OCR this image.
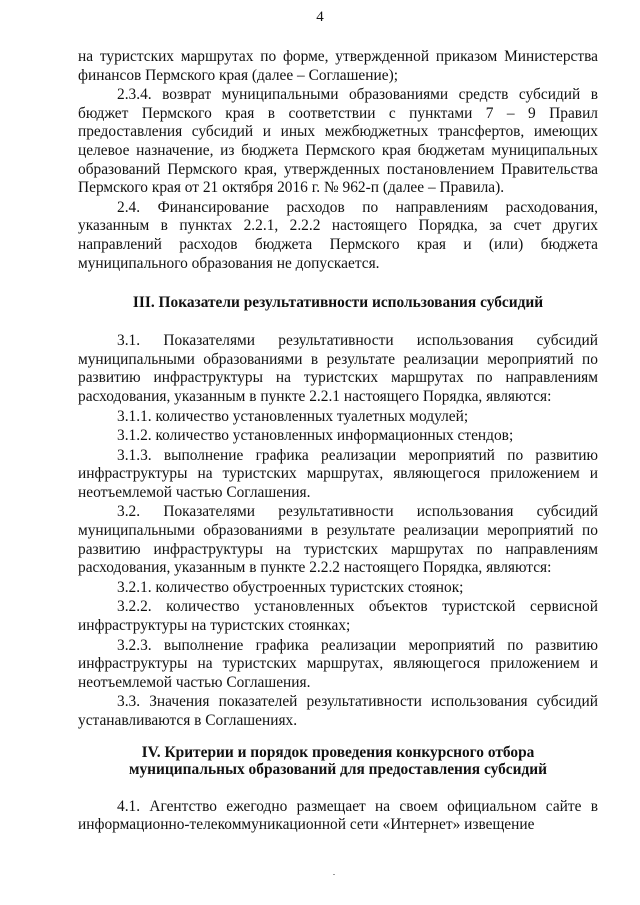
4

на туристских маршрутах по форме, утвержденной приказом Министерства финансов Пермского края (далее – Соглашение);

2.3.4. возврат муниципальными образованиями средств субсидий в бюджет Пермского края в соответствии с пунктами 7 – 9 Правил предоставления субсидий и иных межбюджетных трансфертов, имеющих целевое назначение, из бюджета Пермского края бюджетам муниципальных образований Пермского края, утвержденных постановлением Правительства Пермского края от 21 октября 2016 г. № 962-п (далее – Правила).

2.4. Финансирование расходов по направлениям расходования, указанным в пунктах 2.2.1, 2.2.2 настоящего Порядка, за счет других направлений расходов бюджета Пермского края и (или) бюджета муниципального образования не допускается.

III. Показатели результативности использования субсидий

3.1. Показателями результативности использования субсидий муниципальными образованиями в результате реализации мероприятий по развитию инфраструктуры на туристских маршрутах по направлениям расходования, указанным в пункте 2.2.1 настоящего Порядка, являются:

3.1.1. количество установленных туалетных модулей;

3.1.2. количество установленных информационных стендов;

3.1.3. выполнение графика реализации мероприятий по развитию инфраструктуры на туристских маршрутах, являющегося приложением и неотъемлемой частью Соглашения.

3.2. Показателями результативности использования субсидий муниципальными образованиями в результате реализации мероприятий по развитию инфраструктуры на туристских маршрутах по направлениям расходования, указанным в пункте 2.2.2 настоящего Порядка, являются:

3.2.1. количество обустроенных туристских стоянок;

3.2.2. количество установленных объектов туристской сервисной инфраструктуры на туристских стоянках;

3.2.3. выполнение графика реализации мероприятий по развитию инфраструктуры на туристских маршрутах, являющегося приложением и неотъемлемой частью Соглашения.

3.3. Значения показателей результативности использования субсидий устанавливаются в Соглашениях.

IV. Критерии и порядок проведения конкурсного отбора
муниципальных образований для предоставления субсидий

4.1. Агентство ежегодно размещает на своем официальном сайте в информационно-телекоммуникационной сети «Интернет» извещение
